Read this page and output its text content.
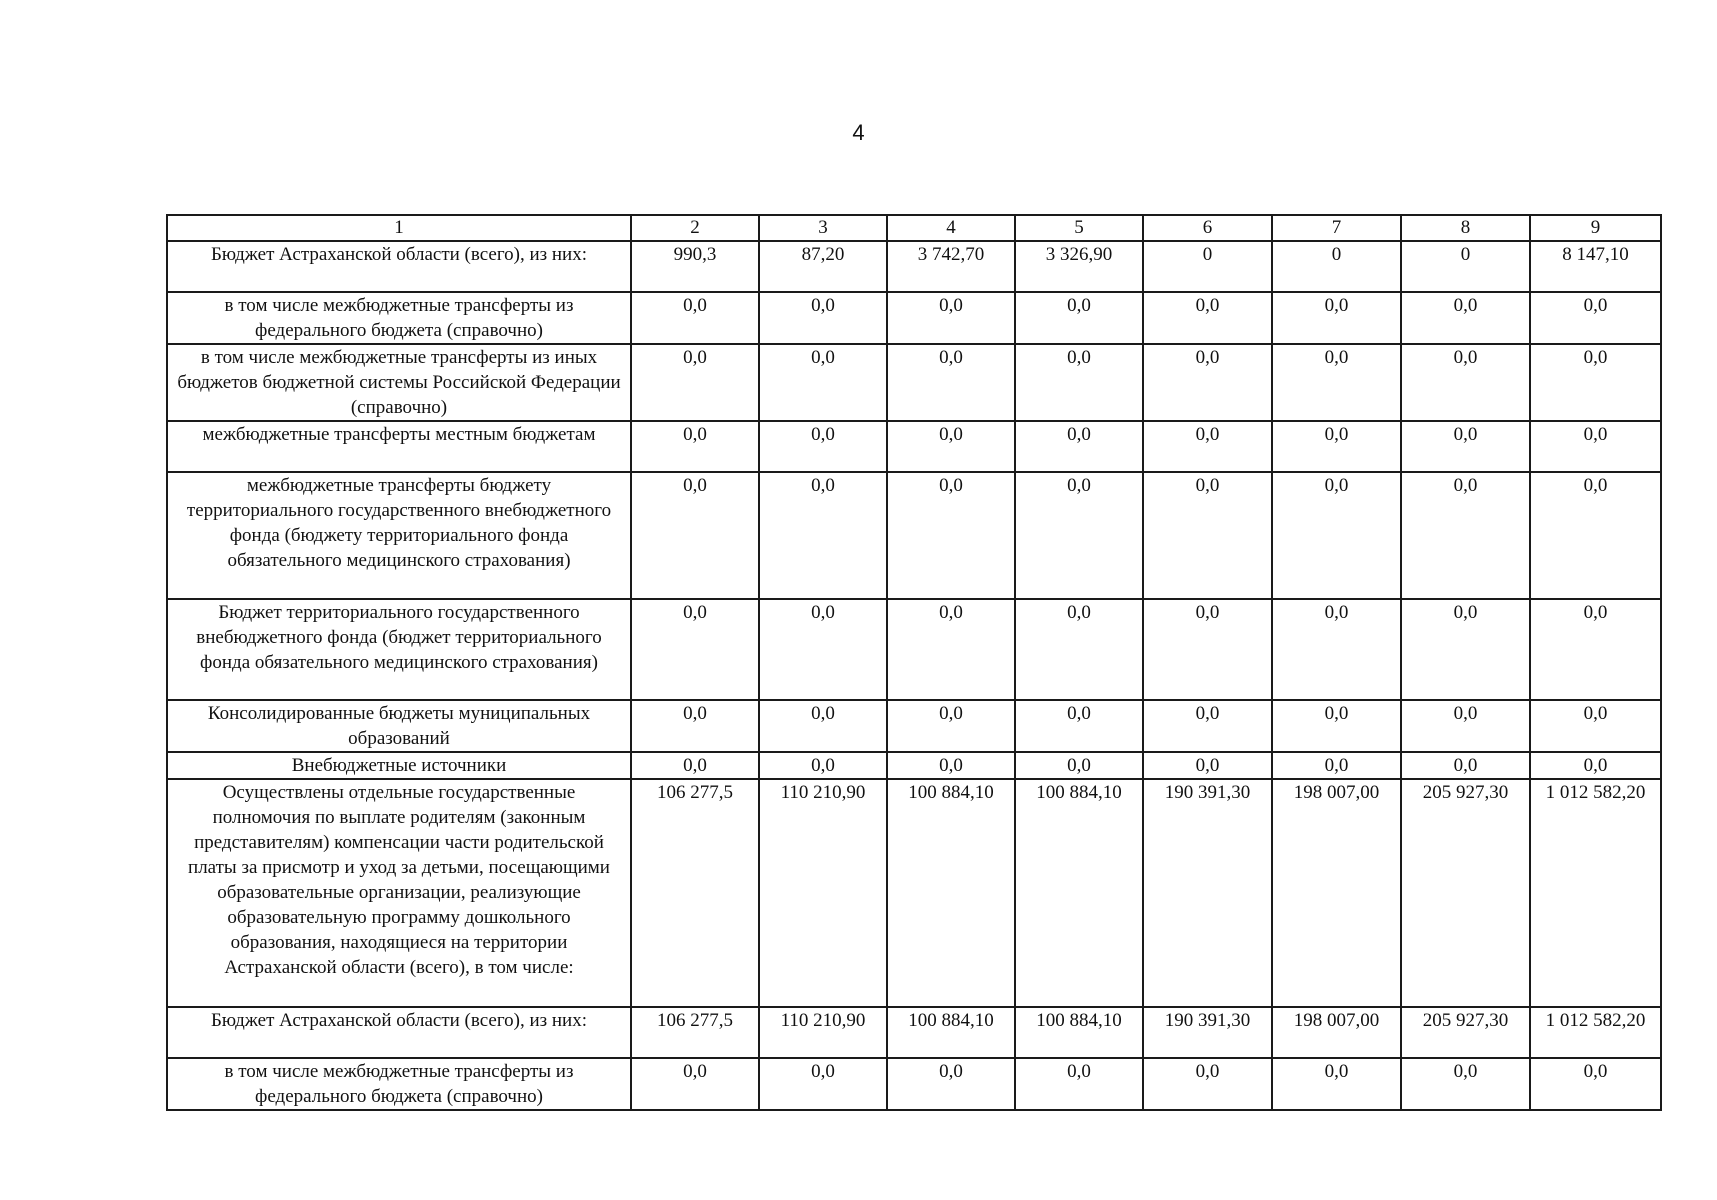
4
1	2	3	4	5	6	7	8	9
Бюджет Астраханской области (всего), из них:	990,3	87,20	3 742,70	3 326,90	0	0	0	8 147,10
в том числе межбюджетные трансферты из федерального бюджета (справочно)	0,0	0,0	0,0	0,0	0,0	0,0	0,0	0,0
в том числе межбюджетные трансферты из иных бюджетов бюджетной системы Российской Федерации (справочно)	0,0	0,0	0,0	0,0	0,0	0,0	0,0	0,0
межбюджетные трансферты местным бюджетам	0,0	0,0	0,0	0,0	0,0	0,0	0,0	0,0
межбюджетные трансферты бюджету территориального государственного внебюджетного фонда (бюджету территориального фонда обязательного медицинского страхования)	0,0	0,0	0,0	0,0	0,0	0,0	0,0	0,0
Бюджет территориального государственного внебюджетного фонда (бюджет территориального фонда обязательного медицинского страхования)	0,0	0,0	0,0	0,0	0,0	0,0	0,0	0,0
Консолидированные бюджеты муниципальных образований	0,0	0,0	0,0	0,0	0,0	0,0	0,0	0,0
Внебюджетные источники	0,0	0,0	0,0	0,0	0,0	0,0	0,0	0,0
Осуществлены отдельные государственные полномочия по выплате родителям (законным представителям) компенсации части родительской платы за присмотр и уход за детьми, посещающими образовательные организации, реализующие образовательную программу дошкольного образования, находящиеся на территории Астраханской области (всего), в том числе:	106 277,5	110 210,90	100 884,10	100 884,10	190 391,30	198 007,00	205 927,30	1 012 582,20
Бюджет Астраханской области (всего), из них:	106 277,5	110 210,90	100 884,10	100 884,10	190 391,30	198 007,00	205 927,30	1 012 582,20
в том числе межбюджетные трансферты из федерального бюджета (справочно)	0,0	0,0	0,0	0,0	0,0	0,0	0,0	0,0
